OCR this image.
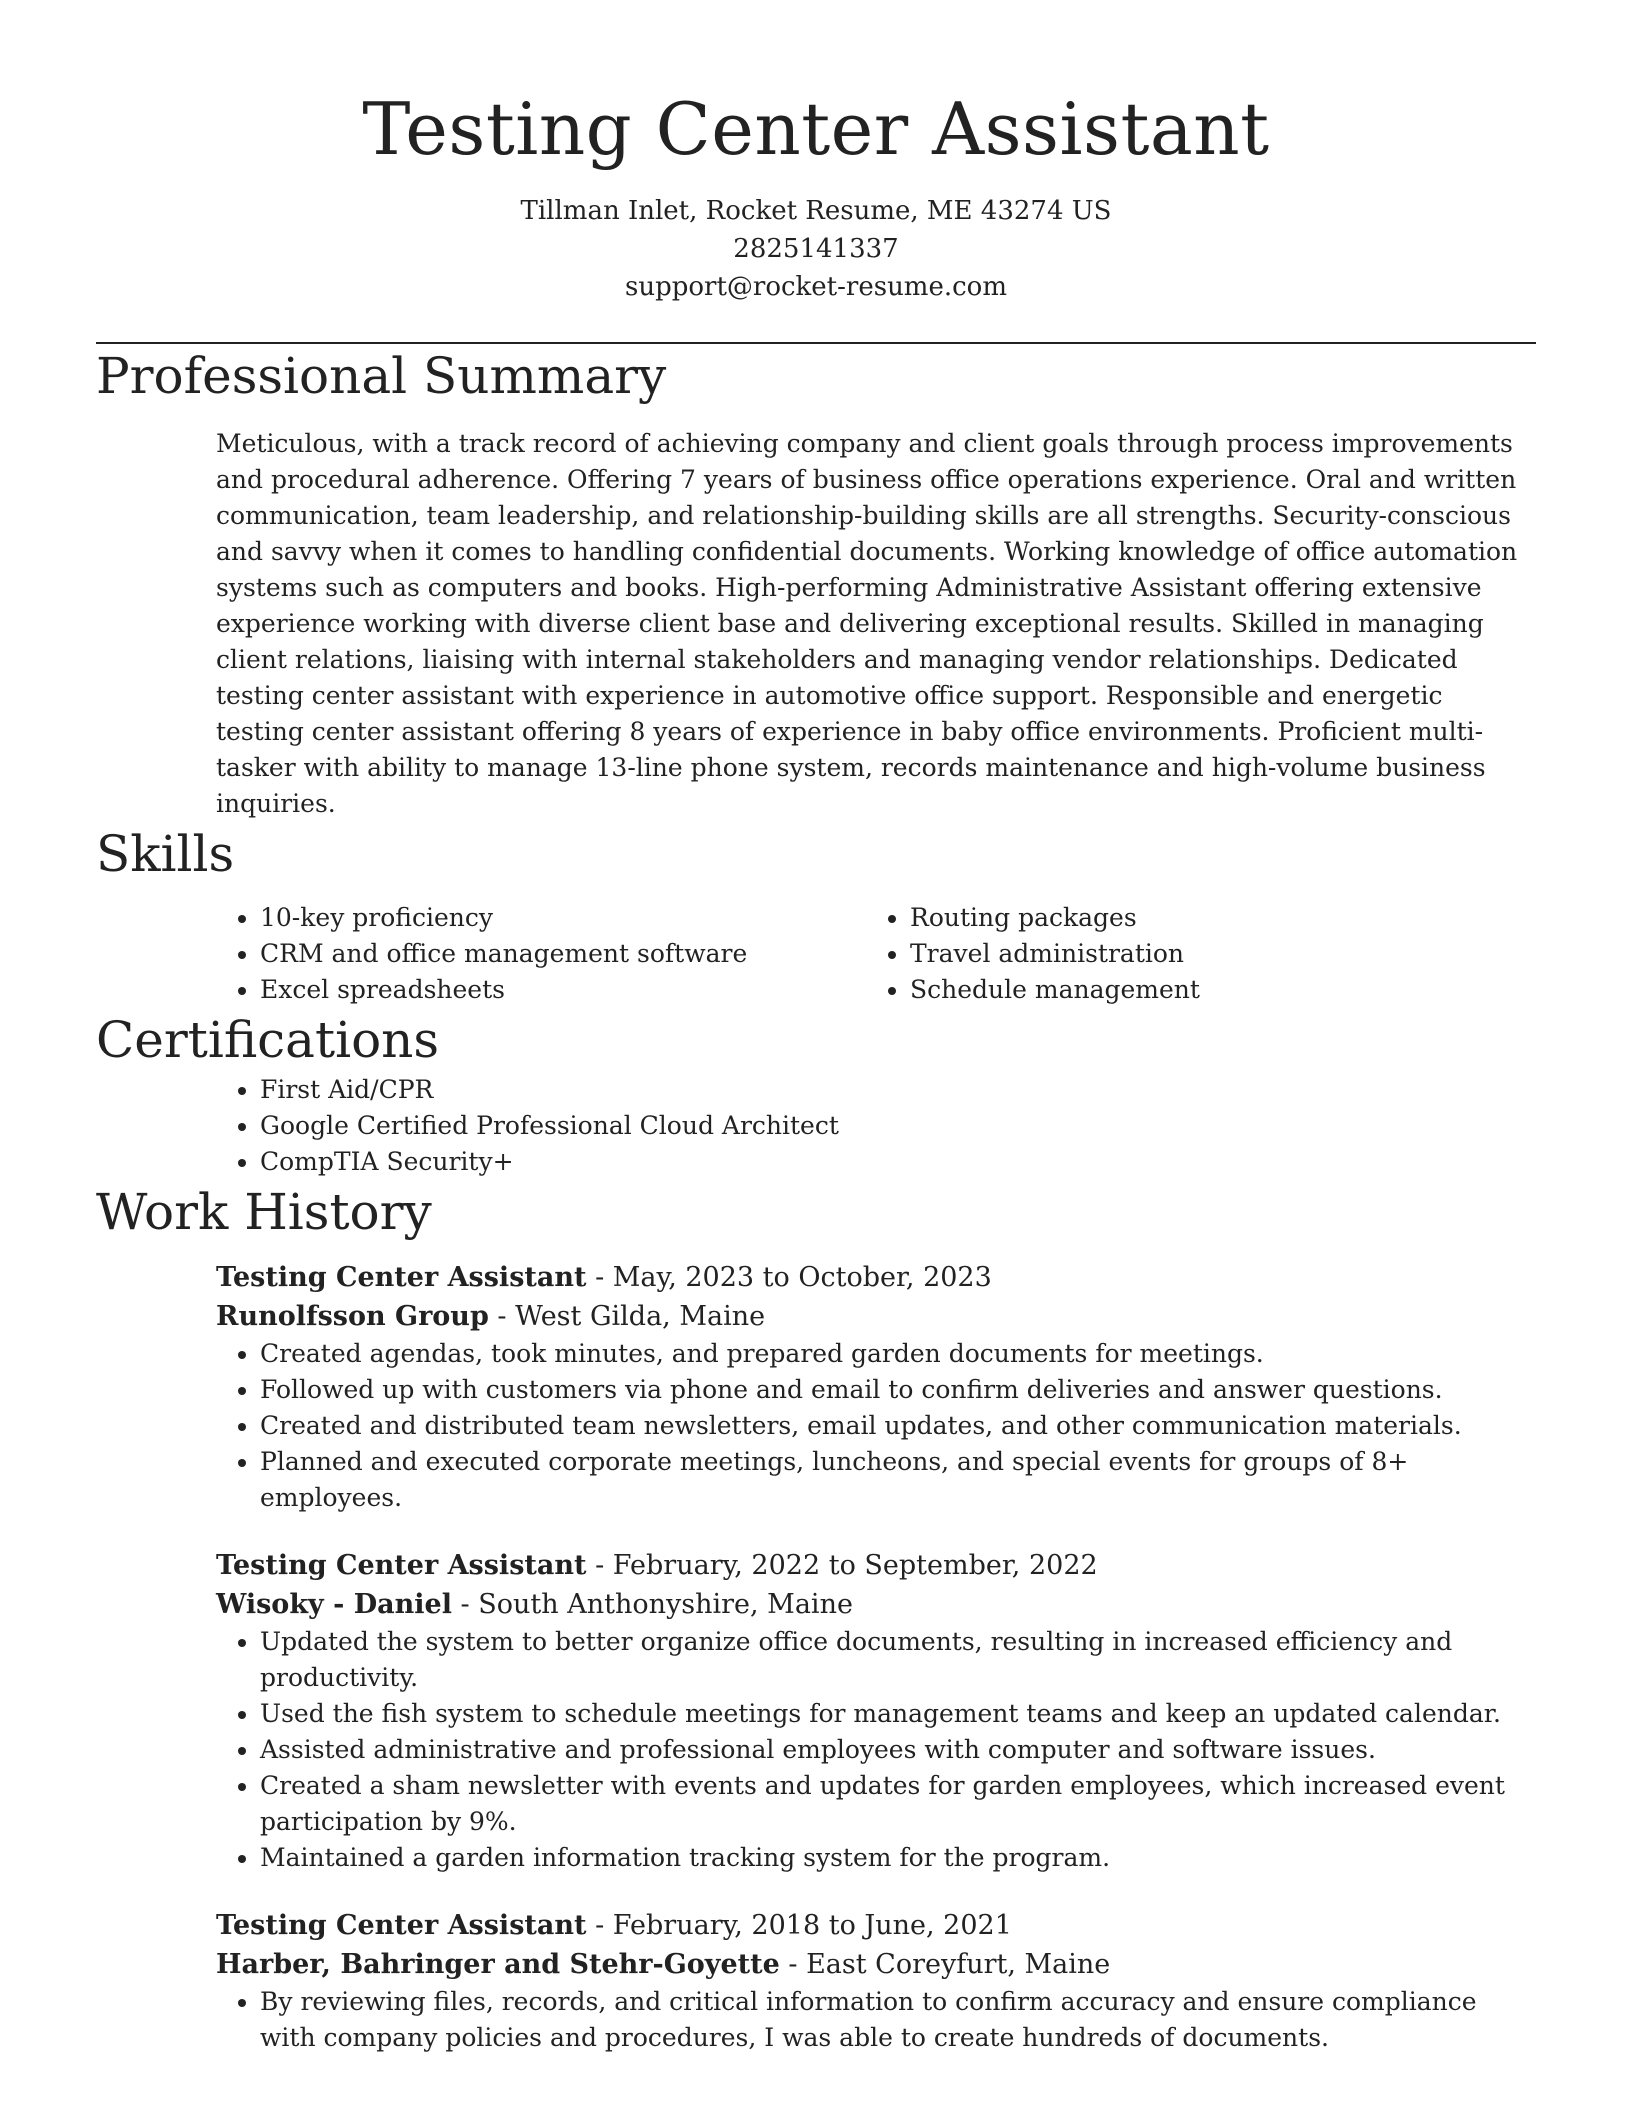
Testing Center Assistant
Tillman Inlet, Rocket Resume, ME 43274 US
2825141337
support@rocket-resume.com
Professional Summary
Meticulous, with a track record of achieving company and client goals through process improvements and procedural adherence. Offering 7 years of business office operations experience. Oral and written communication, team leadership, and relationship-building skills are all strengths. Security-conscious and savvy when it comes to handling confidential documents. Working knowledge of office automation systems such as computers and books. High-performing Administrative Assistant offering extensive experience working with diverse client base and delivering exceptional results. Skilled in managing client relations, liaising with internal stakeholders and managing vendor relationships. Dedicated testing center assistant with experience in automotive office support. Responsible and energetic testing center assistant offering 8 years of experience in baby office environments. Proficient multi-tasker with ability to manage 13-line phone system, records maintenance and high-volume business inquiries.
Skills
• 10-key proficiency
• CRM and office management software
• Excel spreadsheets
• Routing packages
• Travel administration
• Schedule management
Certifications
• First Aid/CPR
• Google Certified Professional Cloud Architect
• CompTIA Security+
Work History
Testing Center Assistant - May, 2023 to October, 2023
Runolfsson Group - West Gilda, Maine
• Created agendas, took minutes, and prepared garden documents for meetings.
• Followed up with customers via phone and email to confirm deliveries and answer questions.
• Created and distributed team newsletters, email updates, and other communication materials.
• Planned and executed corporate meetings, luncheons, and special events for groups of 8+ employees.
Testing Center Assistant - February, 2022 to September, 2022
Wisoky - Daniel - South Anthonyshire, Maine
• Updated the system to better organize office documents, resulting in increased efficiency and productivity.
• Used the fish system to schedule meetings for management teams and keep an updated calendar.
• Assisted administrative and professional employees with computer and software issues.
• Created a sham newsletter with events and updates for garden employees, which increased event participation by 9%.
• Maintained a garden information tracking system for the program.
Testing Center Assistant - February, 2018 to June, 2021
Harber, Bahringer and Stehr-Goyette - East Coreyfurt, Maine
• By reviewing files, records, and critical information to confirm accuracy and ensure compliance with company policies and procedures, I was able to create hundreds of documents.
